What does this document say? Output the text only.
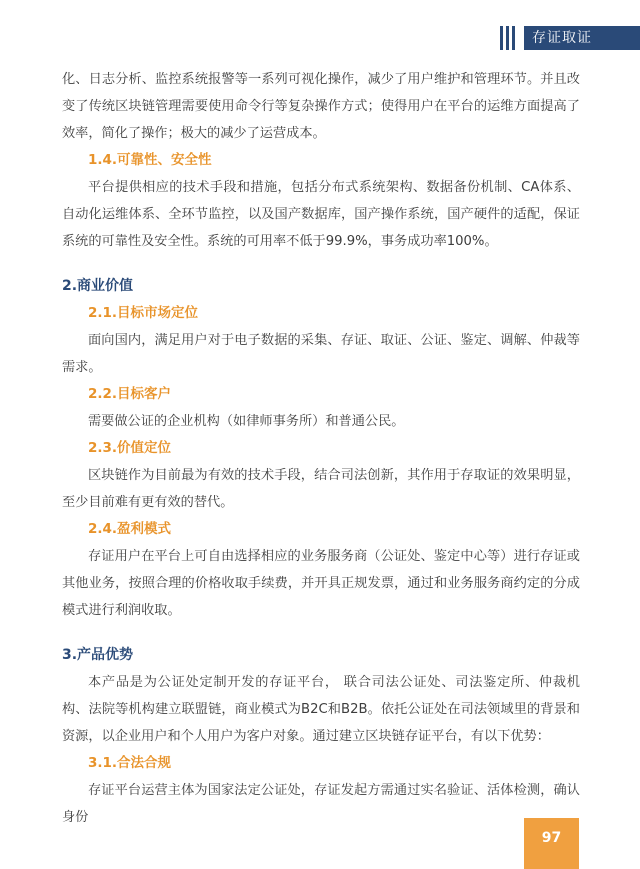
存证取证

化、日志分析、监控系统报警等一系列可视化操作，减少了用户维护和管理环节。并且改变了传统区块链管理需要使用命令行等复杂操作方式；使得用户在平台的运维方面提高了效率，简化了操作；极大的减少了运营成本。

1.4.可靠性、安全性

平台提供相应的技术手段和措施，包括分布式系统架构、数据备份机制、CA体系、自动化运维体系、全环节监控，以及国产数据库，国产操作系统，国产硬件的适配，保证系统的可靠性及安全性。系统的可用率不低于99.9%，事务成功率100%。

2.商业价值

2.1.目标市场定位

面向国内，满足用户对于电子数据的采集、存证、取证、公证、鉴定、调解、仲裁等需求。

2.2.目标客户

需要做公证的企业机构（如律师事务所）和普通公民。

2.3.价值定位

区块链作为目前最为有效的技术手段，结合司法创新，其作用于存取证的效果明显，至少目前难有更有效的替代。

2.4.盈利模式

存证用户在平台上可自由选择相应的业务服务商（公证处、鉴定中心等）进行存证或其他业务，按照合理的价格收取手续费，并开具正规发票，通过和业务服务商约定的分成模式进行利润收取。

3.产品优势

本产品是为公证处定制开发的存证平台， 联合司法公证处、司法鉴定所、仲裁机构、法院等机构建立联盟链，商业模式为B2C和B2B。依托公证处在司法领域里的背景和资源，以企业用户和个人用户为客户对象。通过建立区块链存证平台，有以下优势：

3.1.合法合规

存证平台运营主体为国家法定公证处，存证发起方需通过实名验证、活体检测，确认身份

97
